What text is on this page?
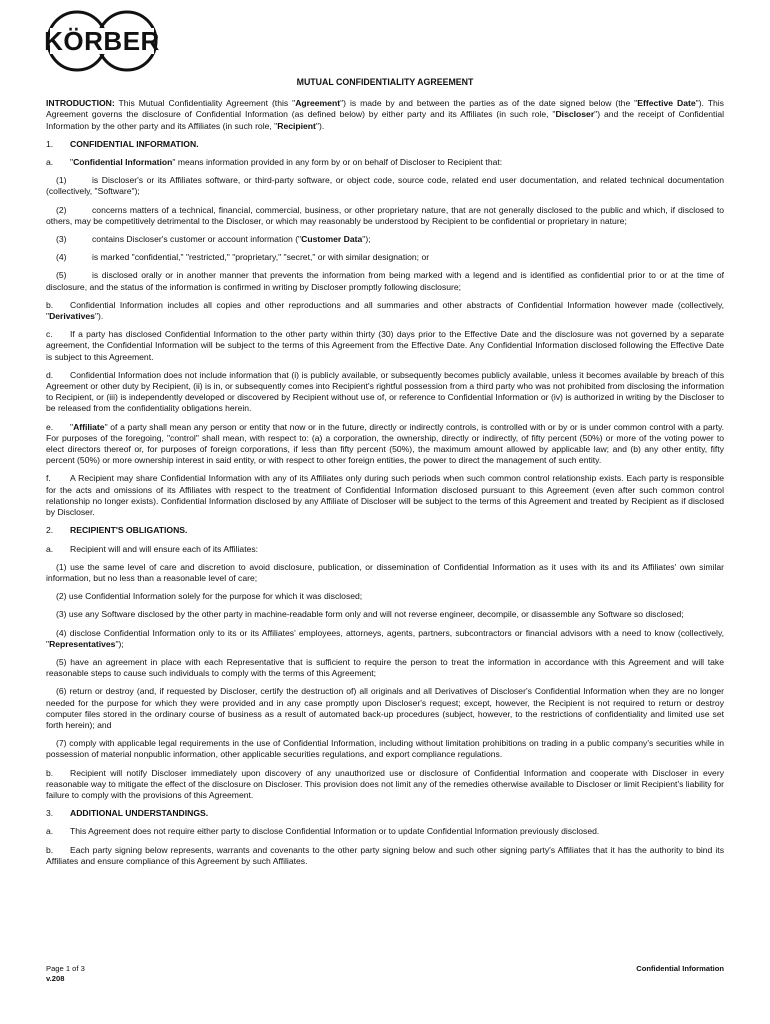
KÖRBER
MUTUAL CONFIDENTIALITY AGREEMENT

INTRODUCTION: This Mutual Confidentiality Agreement (this "Agreement") is made by and between the parties as of the date signed below (the "Effective Date"). This Agreement governs the disclosure of Confidential Information (as defined below) by either party and its Affiliates (in such role, "Discloser") and the receipt of Confidential Information by the other party and its Affiliates (in such role, "Recipient").

1. CONFIDENTIAL INFORMATION.

a. "Confidential Information" means information provided in any form by or on behalf of Discloser to Recipient that:

(1)	is Discloser's or its Affiliates software, or third-party software, or object code, source code, related end user documentation, and related technical documentation (collectively, "Software");

(2)	concerns matters of a technical, financial, commercial, business, or other proprietary nature, that are not generally disclosed to the public and which, if disclosed to others, may be competitively detrimental to the Discloser, or which may reasonably be understood by Recipient to be confidential or proprietary in nature;

(3)	contains Discloser's customer or account information ("Customer Data");

(4)	is marked "confidential," "restricted," "proprietary," "secret," or with similar designation; or

(5)	is disclosed orally or in another manner that prevents the information from being marked with a legend and is identified as confidential prior to or at the time of disclosure, and the status of the information is confirmed in writing by Discloser promptly following disclosure;

b. Confidential Information includes all copies and other reproductions and all summaries and other abstracts of Confidential Information however made (collectively, "Derivatives").

c. If a party has disclosed Confidential Information to the other party within thirty (30) days prior to the Effective Date and the disclosure was not governed by a separate agreement, the Confidential Information will be subject to the terms of this Agreement from the Effective Date. Any Confidential Information disclosed following the Effective Date is subject to this Agreement.

d. Confidential Information does not include information that (i) is publicly available, or subsequently becomes publicly available, unless it becomes available by breach of this Agreement or other duty by Recipient, (ii) is in, or subsequently comes into Recipient's rightful possession from a third party who was not prohibited from disclosing the information to Recipient, or (iii) is independently developed or discovered by Recipient without use of, or reference to Confidential Information or (iv) is authorized in writing by the Discloser to be released from the confidentiality obligations herein.

e. "Affiliate" of a party shall mean any person or entity that now or in the future, directly or indirectly controls, is controlled with or by or is under common control with a party. For purposes of the foregoing, "control" shall mean, with respect to: (a) a corporation, the ownership, directly or indirectly, of fifty percent (50%) or more of the voting power to elect directors thereof or, for purposes of foreign corporations, if less than fifty percent (50%), the maximum amount allowed by applicable law; and (b) any other entity, fifty percent (50%) or more ownership interest in said entity, or with respect to other foreign entities, the power to direct the management of such entity.

f. A Recipient may share Confidential Information with any of its Affiliates only during such periods when such common control relationship exists. Each party is responsible for the acts and omissions of its Affiliates with respect to the treatment of Confidential Information disclosed pursuant to this Agreement (even after such common control relationship no longer exists). Confidential Information disclosed by any Affiliate of Discloser will be subject to the terms of this Agreement and treated by Recipient as if disclosed by Discloser.

2. RECIPIENT'S OBLIGATIONS.

a. Recipient will and will ensure each of its Affiliates:

(1) use the same level of care and discretion to avoid disclosure, publication, or dissemination of Confidential Information as it uses with its and its Affiliates' own similar information, but no less than a reasonable level of care;

(2) use Confidential Information solely for the purpose for which it was disclosed;

(3) use any Software disclosed by the other party in machine-readable form only and will not reverse engineer, decompile, or disassemble any Software so disclosed;

(4) disclose Confidential Information only to its or its Affiliates' employees, attorneys, agents, partners, subcontractors or financial advisors with a need to know (collectively, "Representatives");

(5) have an agreement in place with each Representative that is sufficient to require the person to treat the information in accordance with this Agreement and will take reasonable steps to cause such individuals to comply with the terms of this Agreement;

(6) return or destroy (and, if requested by Discloser, certify the destruction of) all originals and all Derivatives of Discloser's Confidential Information when they are no longer needed for the purpose for which they were provided and in any case promptly upon Discloser's request; except, however, the Recipient is not required to return or destroy computer files stored in the ordinary course of business as a result of automated back-up procedures (subject, however, to the restrictions of confidentiality and limited use set forth herein); and

(7) comply with applicable legal requirements in the use of Confidential Information, including without limitation prohibitions on trading in a public company's securities while in possession of material nonpublic information, other applicable securities regulations, and export compliance regulations.

b. Recipient will notify Discloser immediately upon discovery of any unauthorized use or disclosure of Confidential Information and cooperate with Discloser in every reasonable way to mitigate the effect of the disclosure on Discloser. This provision does not limit any of the remedies otherwise available to Discloser or limit Recipient's liability for failure to comply with the provisions of this Agreement.

3. ADDITIONAL UNDERSTANDINGS.

a. This Agreement does not require either party to disclose Confidential Information or to update Confidential Information previously disclosed.

b. Each party signing below represents, warrants and covenants to the other party signing below and such other signing party's Affiliates that it has the authority to bind its Affiliates and ensure compliance of this Agreement by such Affiliates.

Page 1 of 3
v.208
Confidential Information
